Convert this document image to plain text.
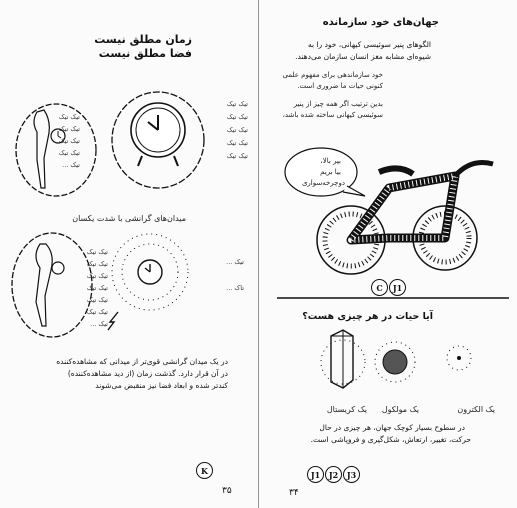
زمان مطلق نیست
فضا مطلق نیست
تیک تیک
تیک تیک
تیک تیک
تیک تیک
تیک ...
تیک تیک
تیک تیک
تیک تیک
تیک تیک
تیک تیک
میدان‌های گرانشی با شدت یکسان
تیک تیک
تیک تیک
تیک تیک
تیک تیک
تیک تیک
تیک تیک
تیک ...
تیک ...
تاک ...
در یک میدان گرانشی قوی‌تر از میدانی که مشاهده‌کننده
در آن قرار دارد. گذشت زمان (از دید مشاهده‌کننده)
کندتر شده و ابعاد فضا نیز منقبض می‌شوند
K
۳۵
جهان‌های خود سازمانده
الگوهای پنیر سوئیسی کیهانی، خود را به
شیوه‌ای مشابه مغز انسان سازمان می‌دهند.
خود سازماندهی برای مفهوم علمی
کنونی حیات ما ضروری است.
بدین ترتیب اگر همه چیز از پنیر
سوئیسی کیهانی ساخته شده باشد،
بپر بالا،
بیا بریم
دوچرخه‌سواری
J1
C
آیا حیات در هر چیزی هست؟
یک الکترون
یک مولکول
یک کریستال
در سطوح بسیار کوچک جهان، هر چیزی در حال
حرکت، تغییر، ارتعاش، شکل‌گیری و فروپاشی است.
J1	J2	J3
۳۴
